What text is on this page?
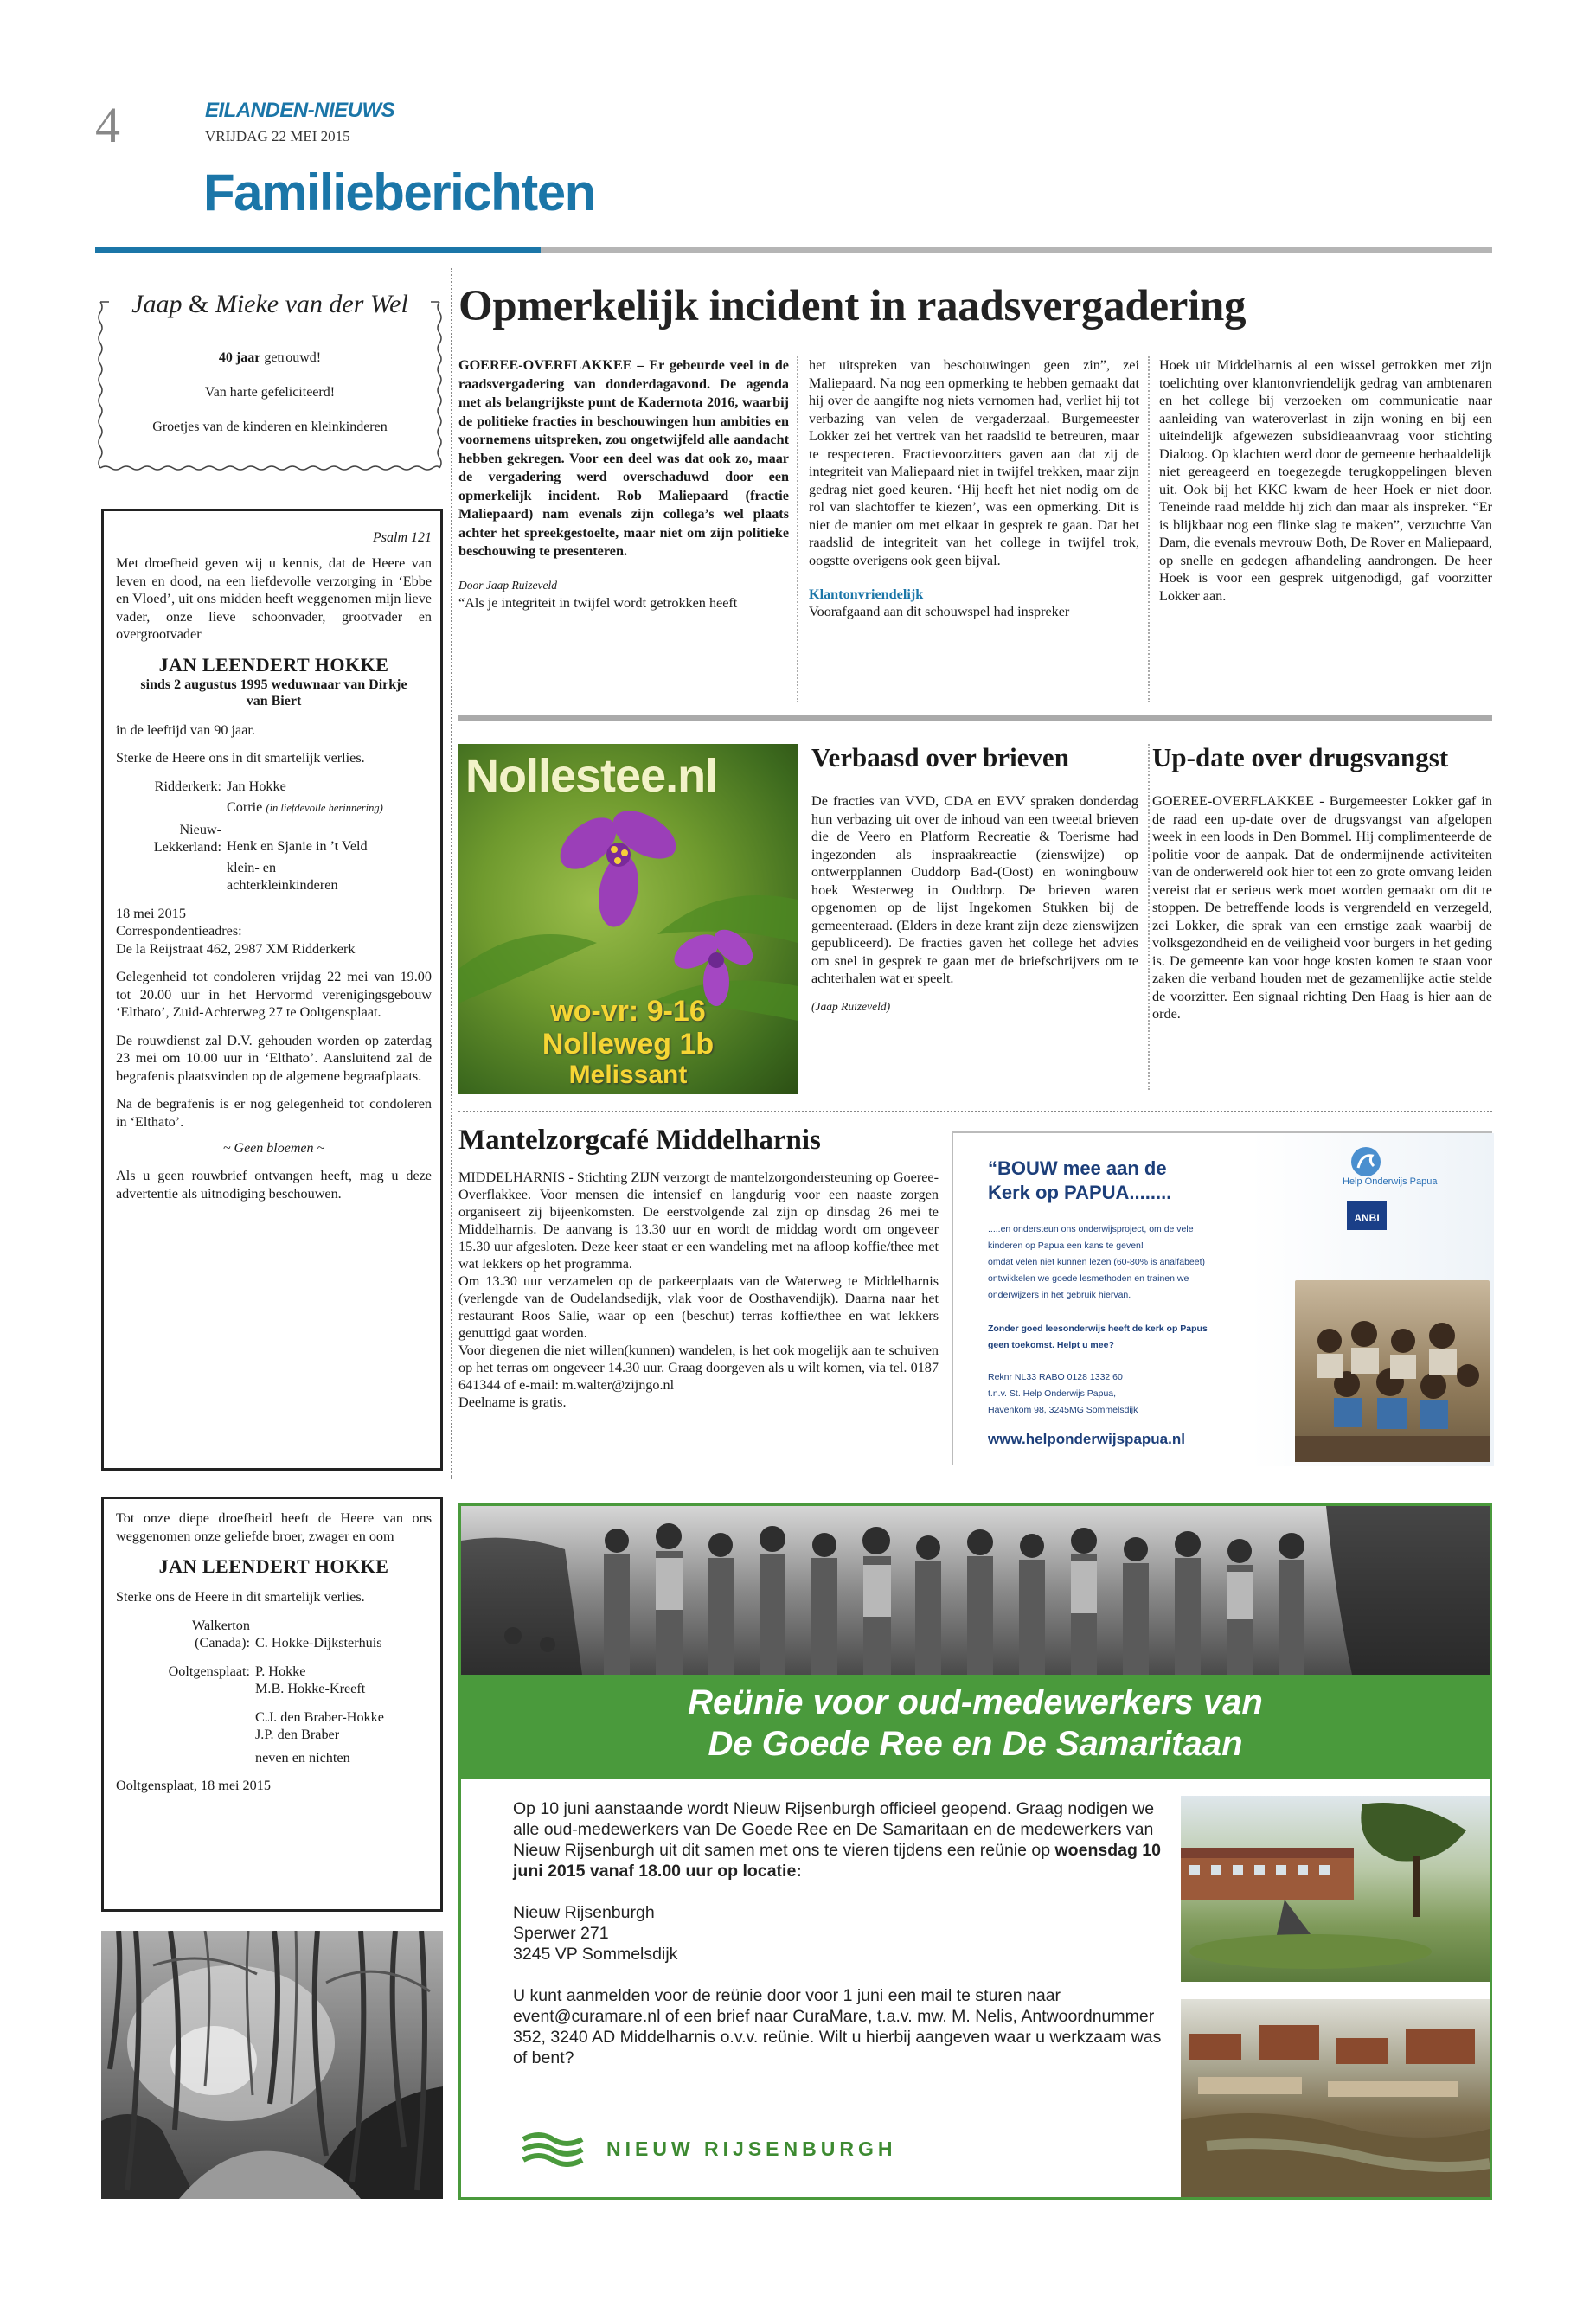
4	EILANDEN-NIEUWS
VRIJDAG 22 MEI 2015
Familieberichten
Jaap & Mieke van der Wel

40 jaar getrouwd!

Van harte gefeliciteerd!

Groetjes van de kinderen en kleinkinderen

Psalm 121

Met droefheid geven wij u kennis, dat de Heere van leven en dood, na een liefdevolle verzorging in ‘Ebbe en Vloed’, uit ons midden heeft weggenomen mijn lieve vader, onze lieve schoonvader, grootvader en overgrootvader

JAN LEENDERT HOKKE

sinds 2 augustus 1995 weduwnaar van Dirkje van Biert

in de leeftijd van 90 jaar.

Sterke de Heere ons in dit smartelijk verlies.

Ridderkerk: Jan Hokke
Corrie (in liefdevolle herinnering)
Nieuw-Lekkerland: Henk en Sjanie in ’t Veld
klein- en achterkleinkinderen

18 mei 2015

Correspondentieadres:

De la Reijstraat 462, 2987 XM Ridderkerk

Gelegenheid tot condoleren vrijdag 22 mei van 19.00 tot 20.00 uur in het Hervormd verenigingsgebouw ‘Elthato’, Zuid-Achterweg 27 te Ooltgensplaat.

De rouwdienst zal D.V. gehouden worden op zaterdag 23 mei om 10.00 uur in ‘Elthato’. Aansluitend zal de begrafenis plaatsvinden op de algemene begraafplaats.

Na de begrafenis is er nog gelegenheid tot condoleren in ‘Elthato’.

~ Geen bloemen ~

Als u geen rouwbrief ontvangen heeft, mag u deze advertentie als uitnodiging beschouwen.

Tot onze diepe droefheid heeft de Heere van ons weggenomen onze geliefde broer, zwager en oom

JAN LEENDERT HOKKE

Sterke ons de Heere in dit smartelijk verlies.

Walkerton (Canada): C. Hokke-Dijksterhuis
Ooltgensplaat: P. Hokke
M.B. Hokke-Kreeft
C.J. den Braber-Hokke
J.P. den Braber
neven en nichten

Ooltgensplaat, 18 mei 2015

Opmerkelijk incident in raadsvergadering

GOEREE-OVERFLAKKEE – Er gebeurde veel in de raadsvergadering van donderdagavond. De agenda met als belangrijkste punt de Kadernota 2016, waarbij de politieke fracties in beschouwingen hun ambities en voornemens uitspreken, zou ongetwijfeld alle aandacht hebben gekregen. Voor een deel was dat ook zo, maar de vergadering werd overschaduwd door een opmerkelijk incident. Rob Maliepaard (fractie Maliepaard) nam evenals zijn collega’s wel plaats achter het spreekgestoelte, maar niet om zijn politieke beschouwing te presenteren.

Door Jaap Ruizeveld

“Als je integriteit in twijfel wordt getrokken heeft

het uitspreken van beschouwingen geen zin”, zei Maliepaard. Na nog een opmerking te hebben gemaakt dat hij over de aangifte nog niets vernomen had, verliet hij tot verbazing van velen de vergaderzaal. Burgemeester Lokker zei het vertrek van het raadslid te betreuren, maar te respecteren. Fractievoorzitters gaven aan dat zij de integriteit van Maliepaard niet in twijfel trekken, maar zijn gedrag niet goed keuren. ‘Hij heeft het niet nodig om de rol van slachtoffer te kiezen’, was een opmerking. Dit is niet de manier om met elkaar in gesprek te gaan. Dat het raadslid de integriteit van het college in twijfel trok, oogstte overigens ook geen bijval.

Klantonvriendelijk

Voorafgaand aan dit schouwspel had inspreker

Hoek uit Middelharnis al een wissel getrokken met zijn toelichting over klantonvriendelijk gedrag van ambtenaren en het college bij verzoeken om communicatie naar aanleiding van wateroverlast in zijn woning en bij een uiteindelijk afgewezen subsidieaanvraag voor stichting Dialoog. Op klachten werd door de gemeente herhaaldelijk niet gereageerd en toegezegde terugkoppelingen bleven uit. Ook bij het KKC kwam de heer Hoek er niet door. Teneinde raad meldde hij zich dan maar als inspreker. “Er is blijkbaar nog een flinke slag te maken”, verzuchtte Van Dam, die evenals mevrouw Both, De Rover en Maliepaard, op snelle en gedegen afhandeling aandrongen. De heer Hoek is voor een gesprek uitgenodigd, gaf voorzitter Lokker aan.

Nollestee.nl
wo-vr: 9-16
Nolleweg 1b
Melissant

Verbaasd over brieven

De fracties van VVD, CDA en EVV spraken donderdag hun verbazing uit over de inhoud van een tweetal brieven die de Veero en Platform Recreatie & Toerisme had ingezonden als inspraakreactie (zienswijze) op ontwerpplannen Ouddorp Bad-(Oost) en woningbouw hoek Westerweg in Ouddorp. De brieven waren opgenomen op de lijst Ingekomen Stukken bij de gemeenteraad. (Elders in deze krant zijn deze zienswijzen gepubliceerd). De fracties gaven het college het advies om snel in gesprek te gaan met de briefschrijvers om te achterhalen wat er speelt.

(Jaap Ruizeveld)

Up-date over drugsvangst

GOEREE-OVERFLAKKEE - Burgemeester Lokker gaf in de raad een up-date over de drugsvangst van afgelopen week in een loods in Den Bommel. Hij complimenteerde de politie voor de aanpak. Dat de ondermijnende activiteiten van de onderwereld ook hier tot een zo grote omvang leiden vereist dat er serieus werk moet worden gemaakt om dit te stoppen. De betreffende loods is vergrendeld en verzegeld, zei Lokker, die sprak van een ernstige zaak waarbij de volksgezondheid en de veiligheid voor burgers in het geding is. De gemeente kan voor hoge kosten komen te staan voor zaken die verband houden met de gezamenlijke actie stelde de voorzitter. Een signaal richting Den Haag is hier aan de orde.

Mantelzorgcafé Middelharnis

MIDDELHARNIS - Stichting ZIJN verzorgt de mantelzorgondersteuning op Goeree-Overflakkee. Voor mensen die intensief en langdurig voor een naaste zorgen organiseert zij bijeenkomsten. De eerstvolgende zal zijn op dinsdag 26 mei te Middelharnis. De aanvang is 13.30 uur en wordt de middag wordt om ongeveer 15.30 uur afgesloten. Deze keer staat er een wandeling met na afloop koffie/thee met wat lekkers op het programma.
Om 13.30 uur verzamelen op de parkeerplaats van de Waterweg te Middelharnis (verlengde van de Oudelandsedijk, vlak voor de Oosthavendijk). Daarna naar het restaurant Roos Salie, waar op een (beschut) terras koffie/thee en wat lekkers genuttigd gaat worden.
Voor diegenen die niet willen(kunnen) wandelen, is het ook mogelijk aan te schuiven op het terras om ongeveer 14.30 uur. Graag doorgeven als u wilt komen, via tel. 0187 641344 of e-mail: m.walter@zijngo.nl
Deelname is gratis.

Help Onderwijs Papua
ANBI
“BOUW mee aan de
Kerk op PAPUA........

.....en ondersteun ons onderwijsproject, om de vele

kinderen op Papua een kans te geven!

omdat velen niet kunnen lezen (60-80% is analfabeet)

ontwikkelen we goede lesmethoden en trainen we

onderwijzers in het gebruik hiervan.

Zonder goed leesonderwijs heeft de kerk op Papus

geen toekomst. Helpt u mee?

Reknr NL33 RABO 0128 1332 60

t.n.v. St. Help Onderwijs Papua,

Havenkom 98, 3245MG Sommelsdijk

www.helponderwijspapua.nl
Reünie voor oud-medewerkers van
De Goede Ree en De Samaritaan

Op 10 juni aanstaande wordt Nieuw Rijsenburgh officieel geopend. Graag nodigen we alle oud-medewerkers van De Goede Ree en De Samaritaan en de medewerkers van Nieuw Rijsenburgh uit dit samen met ons te vieren tijdens een reünie op woensdag 10 juni 2015 vanaf 18.00 uur op locatie:

Nieuw Rijsenburgh

Sperwer 271

3245 VP Sommelsdijk

U kunt aanmelden voor de reünie door voor 1 juni een mail te sturen naar event@curamare.nl of een brief naar CuraMare, t.a.v. mw. M. Nelis, Antwoordnummer 352, 3240 AD Middelharnis o.v.v. reünie. Wilt u hierbij aangeven waar u werkzaam was of bent?

NIEUW RIJSENBURGH
